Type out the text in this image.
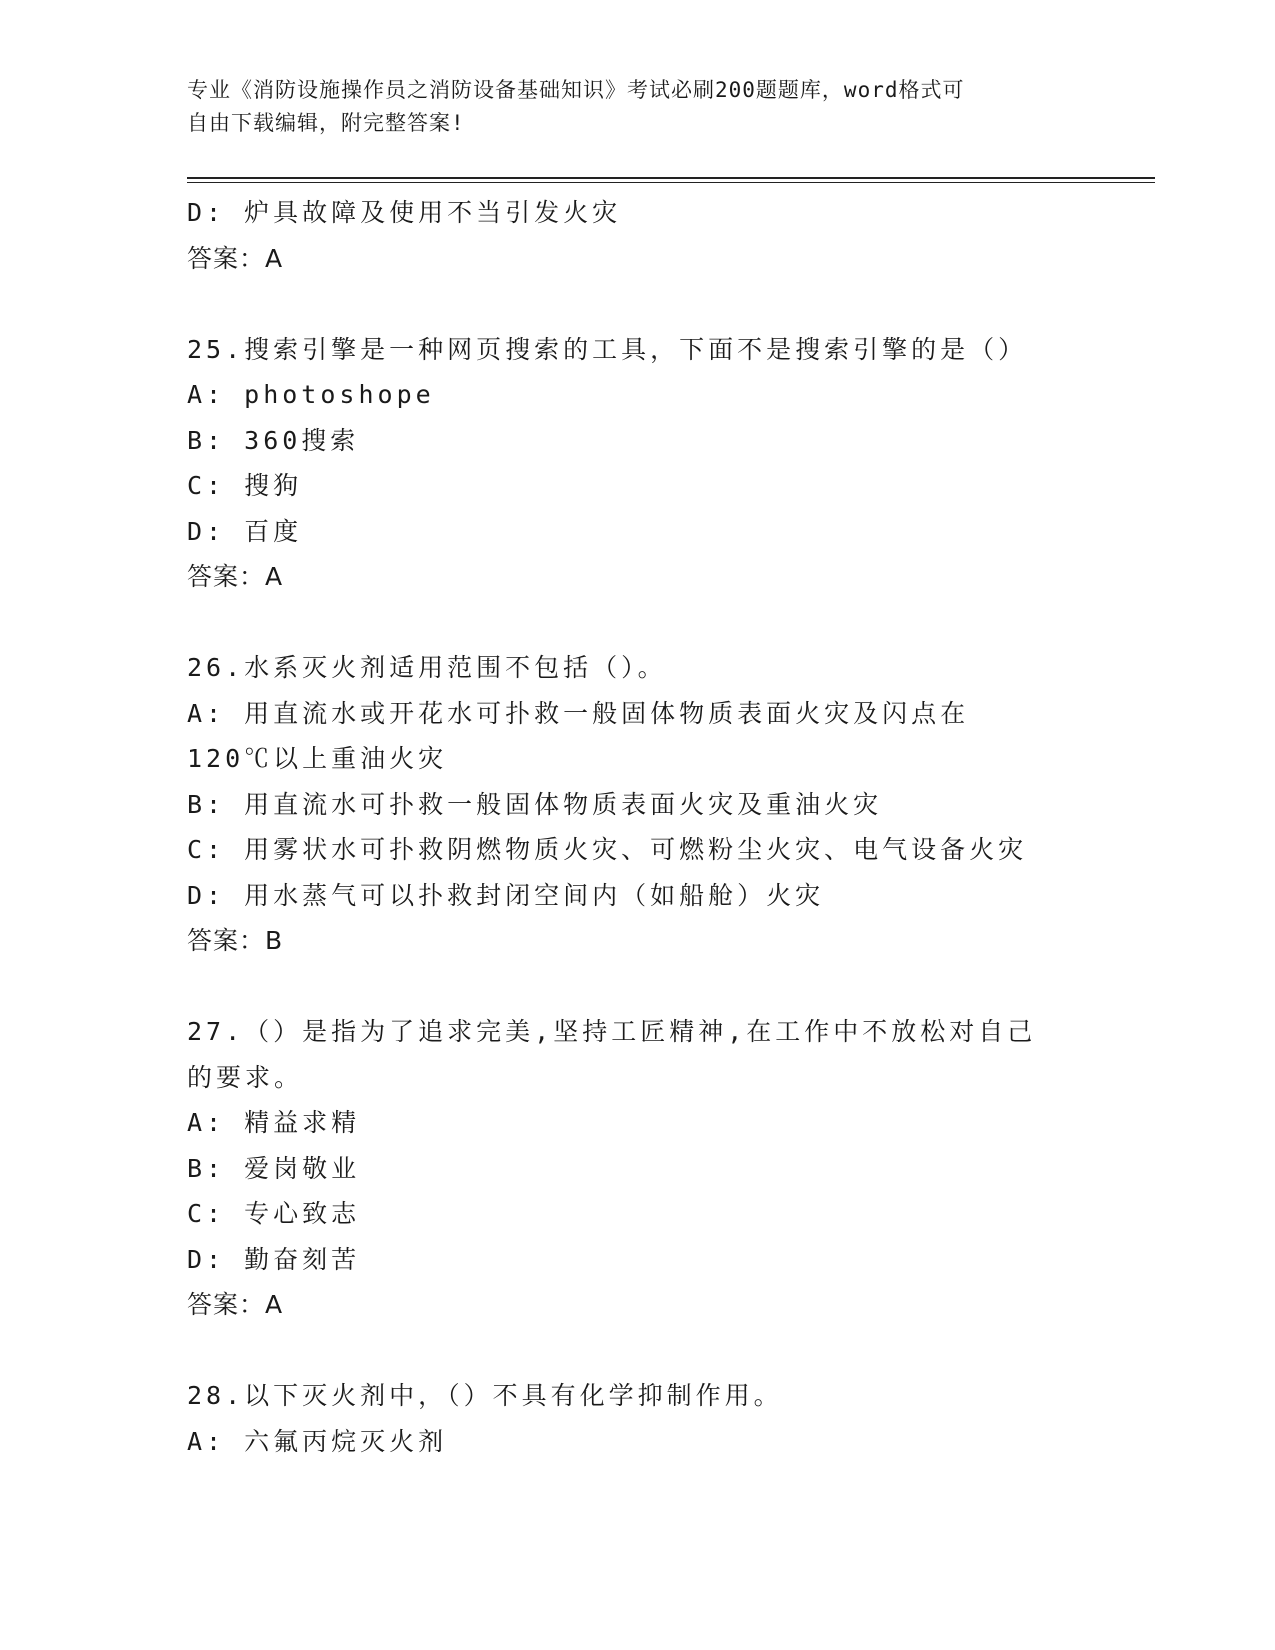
专业《消防设施操作员之消防设备基础知识》考试必刷200题题库，word格式可
自由下载编辑，附完整答案!
D: 炉具故障及使用不当引发火灾
答案：A
25.搜索引擎是一种网页搜索的工具，下面不是搜索引擎的是（）
A: photoshope
B: 360搜索
C: 搜狗
D: 百度
答案：A
26.水系灭火剂适用范围不包括（）。
A: 用直流水或开花水可扑救一般固体物质表面火灾及闪点在120℃以上重油火灾
B: 用直流水可扑救一般固体物质表面火灾及重油火灾
C: 用雾状水可扑救阴燃物质火灾、可燃粉尘火灾、电气设备火灾
D: 用水蒸气可以扑救封闭空间内（如船舱）火灾
答案：B
27.（）是指为了追求完美,坚持工匠精神,在工作中不放松对自己的要求。
A: 精益求精
B: 爱岗敬业
C: 专心致志
D: 勤奋刻苦
答案：A
28.以下灭火剂中，（）不具有化学抑制作用。
A: 六氟丙烷灭火剂
